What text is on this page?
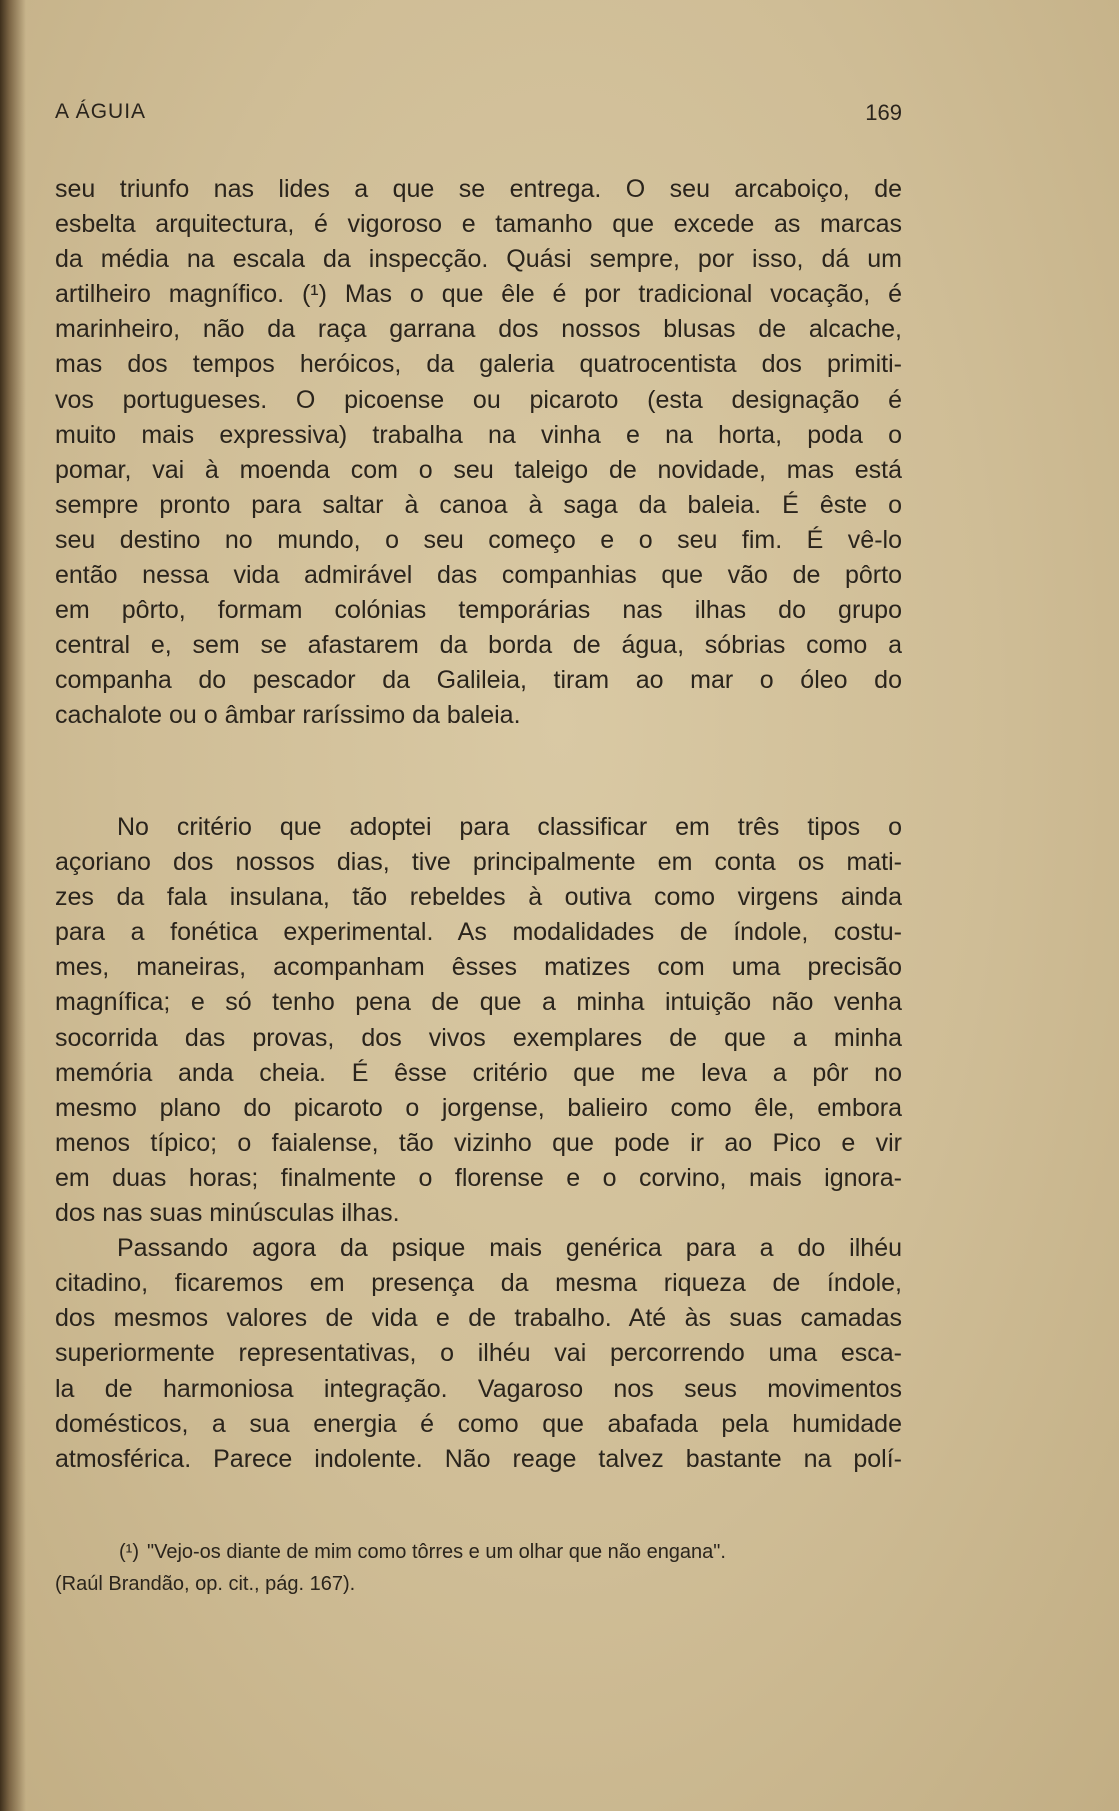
A ÁGUIA	169
seu triunfo nas lides a que se entrega. O seu arcaboiço, de
esbelta arquitectura, é vigoroso e tamanho que excede as marcas
da média na escala da inspecção. Quási sempre, por isso, dá um
artilheiro magnífico. (¹) Mas o que êle é por tradicional vocação, é
marinheiro, não da raça garrana dos nossos blusas de alcache,
mas dos tempos heróicos, da galeria quatrocentista dos primiti-
vos portugueses. O picoense ou picaroto (esta designação é
muito mais expressiva) trabalha na vinha e na horta, poda o
pomar, vai à moenda com o seu taleigo de novidade, mas está
sempre pronto para saltar à canoa à saga da baleia. É êste o
seu destino no mundo, o seu começo e o seu fim. É vê-lo
então nessa vida admirável das companhias que vão de pôrto
em pôrto, formam colónias temporárias nas ilhas do grupo
central e, sem se afastarem da borda de água, sóbrias como a
companha do pescador da Galileia, tiram ao mar o óleo do
cachalote ou o âmbar raríssimo da baleia.
No critério que adoptei para classificar em três tipos o
açoriano dos nossos dias, tive principalmente em conta os mati-
zes da fala insulana, tão rebeldes à outiva como virgens ainda
para a fonética experimental. As modalidades de índole, costu-
mes, maneiras, acompanham êsses matizes com uma precisão
magnífica; e só tenho pena de que a minha intuição não venha
socorrida das provas, dos vivos exemplares de que a minha
memória anda cheia. É êsse critério que me leva a pôr no
mesmo plano do picaroto o jorgense, balieiro como êle, embora
menos típico; o faialense, tão vizinho que pode ir ao Pico e vir
em duas horas; finalmente o florense e o corvino, mais ignora-
dos nas suas minúsculas ilhas.
Passando agora da psique mais genérica para a do ilhéu
citadino, ficaremos em presença da mesma riqueza de índole,
dos mesmos valores de vida e de trabalho. Até às suas camadas
superiormente representativas, o ilhéu vai percorrendo uma esca-
la de harmoniosa integração. Vagaroso nos seus movimentos
domésticos, a sua energia é como que abafada pela humidade
atmosférica. Parece indolente. Não reage talvez bastante na polí-
(¹) "Vejo-os diante de mim como tôrres e um olhar que não engana".
(Raúl Brandão, op. cit., pág. 167).
